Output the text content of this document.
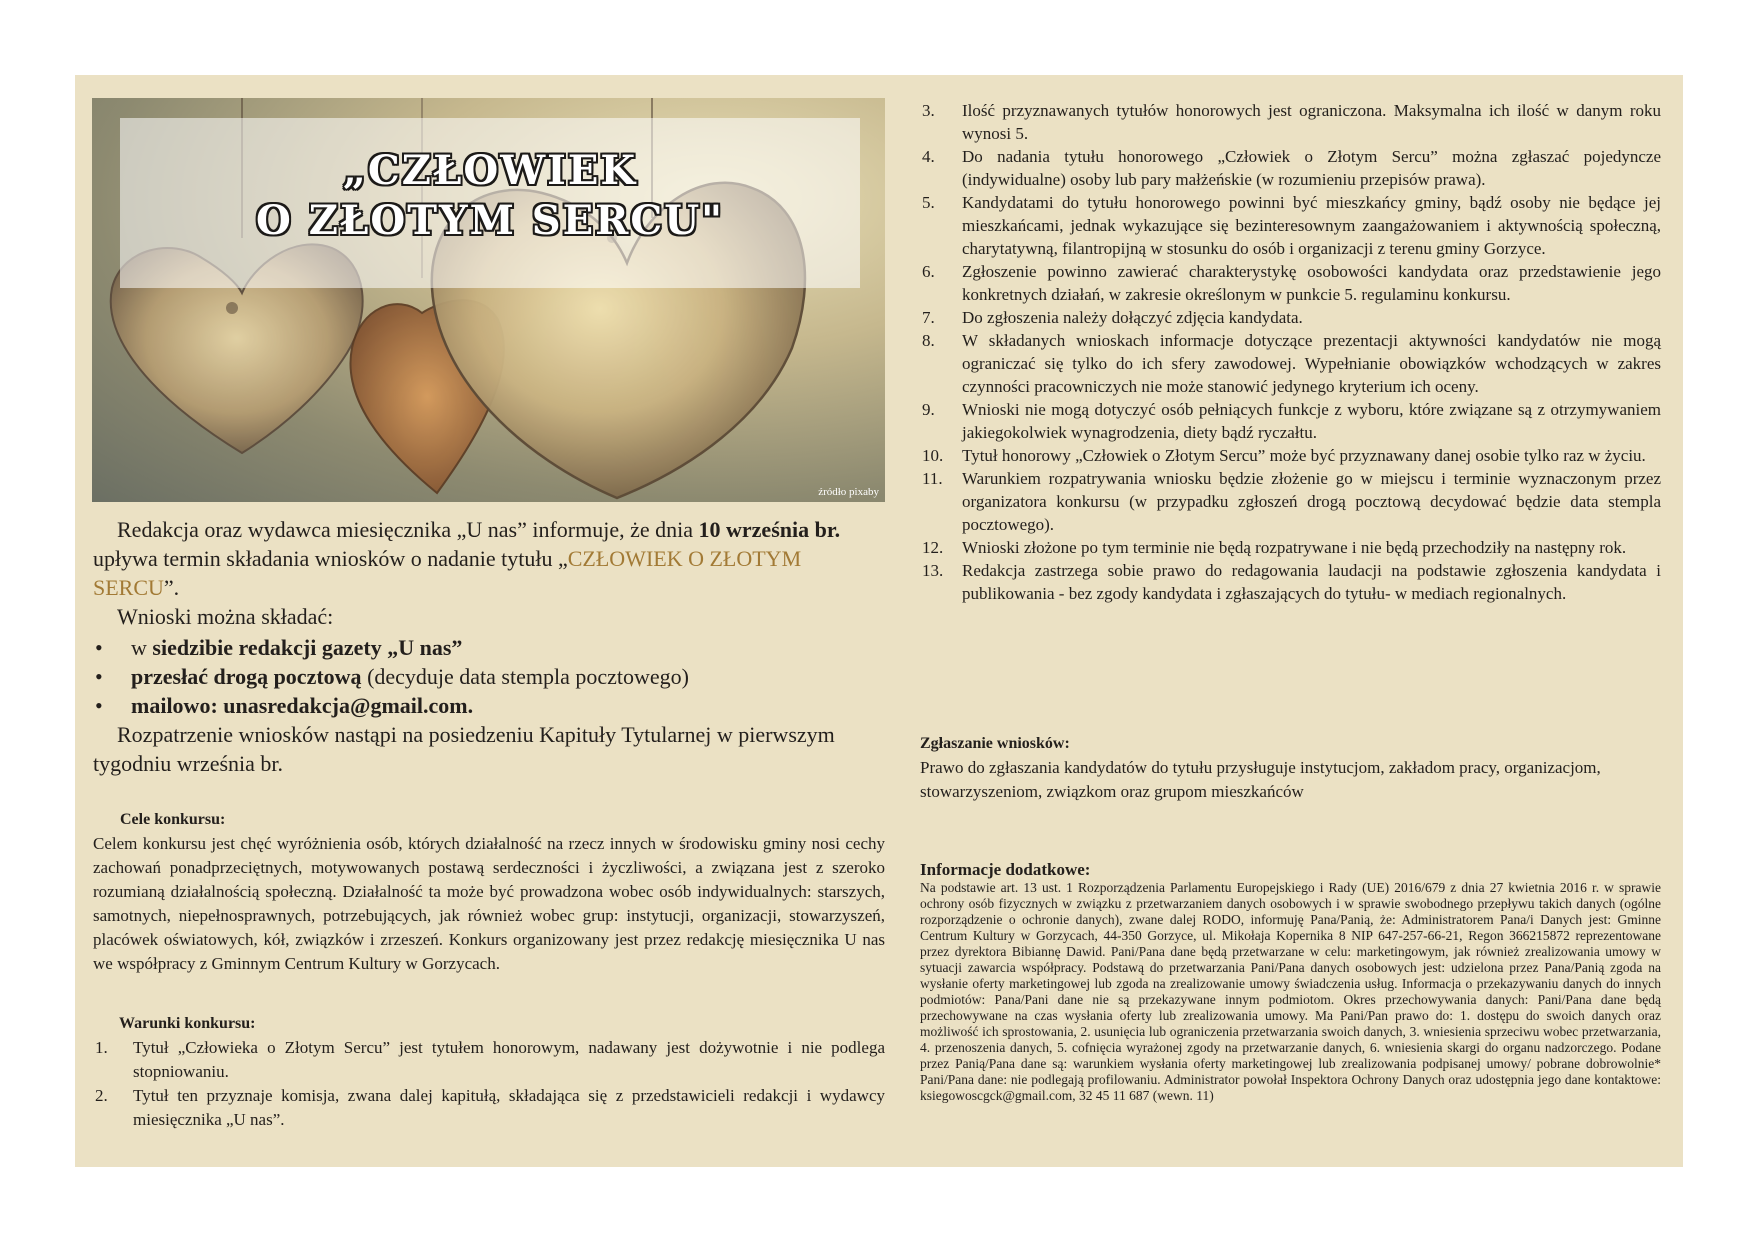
„CZŁOWIEK
O ZŁOTYM SERCU"
źródło pixaby

Redakcja oraz wydawca miesięcznika „U nas” informuje, że dnia 10 września br. upływa termin składania wniosków o nadanie tytułu „CZŁOWIEK O ZŁOTYM SERCU”.

Wnioski można składać:

• w siedzibie redakcji gazety „U nas”
• przesłać drogą pocztową (decyduje data stempla pocztowego)
• mailowo: unasredakcja@gmail.com.

Rozpatrzenie wniosków nastąpi na posiedzeniu Kapituły Tytularnej w pierwszym tygodniu września br.

Cele konkursu:

Celem konkursu jest chęć wyróżnienia osób, których działalność na rzecz innych w środowisku gminy nosi cechy zachowań ponadprzeciętnych, motywowanych postawą serdeczności i życzliwości, a związana jest z szeroko rozumianą działalnością społeczną. Działalność ta może być prowadzona wobec osób indywidualnych: starszych, samotnych, niepełnosprawnych, potrzebujących, jak również wobec grup: instytucji, organizacji, stowarzyszeń, placówek oświatowych, kół, związków i zrzeszeń. Konkurs organizowany jest przez redakcję miesięcznika U nas we współpracy z Gminnym Centrum Kultury w Gorzycach.

Warunki konkursu:

1. Tytuł „Człowieka o Złotym Sercu” jest tytułem honorowym, nadawany jest dożywotnie i nie podlega stopniowaniu.
2. Tytuł ten przyznaje komisja, zwana dalej kapitułą, składająca się z przedstawicieli redakcji i wydawcy miesięcznika „U nas”.
3. Ilość przyznawanych tytułów honorowych jest ograniczona. Maksymalna ich ilość w danym roku wynosi 5.
4. Do nadania tytułu honorowego „Człowiek o Złotym Sercu” można zgłaszać pojedyncze (indywidualne) osoby lub pary małżeńskie (w rozumieniu przepisów prawa).
5. Kandydatami do tytułu honorowego powinni być mieszkańcy gminy, bądź osoby nie będące jej mieszkańcami, jednak wykazujące się bezinteresownym zaangażowaniem i aktywnością społeczną, charytatywną, filantropijną w stosunku do osób i organizacji z terenu gminy Gorzyce.
6. Zgłoszenie powinno zawierać charakterystykę osobowości kandydata oraz przedstawienie jego konkretnych działań, w zakresie określonym w punkcie 5. regulaminu konkursu.
7. Do zgłoszenia należy dołączyć zdjęcia kandydata.
8. W składanych wnioskach informacje dotyczące prezentacji aktywności kandydatów nie mogą ograniczać się tylko do ich sfery zawodowej. Wypełnianie obowiązków wchodzących w zakres czynności pracowniczych nie może stanowić jedynego kryterium ich oceny.
9. Wnioski nie mogą dotyczyć osób pełniących funkcje z wyboru, które związane są z otrzymywaniem jakiegokolwiek wynagrodzenia, diety bądź ryczałtu.
10. Tytuł honorowy „Człowiek o Złotym Sercu” może być przyznawany danej osobie tylko raz w życiu.
11. Warunkiem rozpatrywania wniosku będzie złożenie go w miejscu i terminie wyznaczonym przez organizatora konkursu (w przypadku zgłoszeń drogą pocztową decydować będzie data stempla pocztowego).
12. Wnioski złożone po tym terminie nie będą rozpatrywane i nie będą przechodziły na następny rok.
13. Redakcja zastrzega sobie prawo do redagowania laudacji na podstawie zgłoszenia kandydata i publikowania - bez zgody kandydata i zgłaszających do tytułu- w mediach regionalnych.

Zgłaszanie wniosków:

Prawo do zgłaszania kandydatów do tytułu przysługuje instytucjom, zakładom pracy, organizacjom, stowarzyszeniom, związkom oraz grupom mieszkańców

Informacje dodatkowe:

Na podstawie art. 13 ust. 1 Rozporządzenia Parlamentu Europejskiego i Rady (UE) 2016/679 z dnia 27 kwietnia 2016 r. w sprawie ochrony osób fizycznych w związku z przetwarzaniem danych osobowych i w sprawie swobodnego przepływu takich danych (ogólne rozporządzenie o ochronie danych), zwane dalej RODO, informuję Pana/Panią, że: Administratorem Pana/i Danych jest: Gminne Centrum Kultury w Gorzycach, 44-350 Gorzyce, ul. Mikołaja Kopernika 8 NIP 647-257-66-21, Regon 366215872 reprezentowane przez dyrektora Bibiannę Dawid. Pani/Pana dane będą przetwarzane w celu: marketingowym, jak również zrealizowania umowy w sytuacji zawarcia współpracy. Podstawą do przetwarzania Pani/Pana danych osobowych jest: udzielona przez Pana/Panią zgoda na wysłanie oferty marketingowej lub zgoda na zrealizowanie umowy świadczenia usług. Informacja o przekazywaniu danych do innych podmiotów: Pana/Pani dane nie są przekazywane innym podmiotom. Okres przechowywania danych: Pani/Pana dane będą przechowywane na czas wysłania oferty lub zrealizowania umowy. Ma Pani/Pan prawo do: 1. dostępu do swoich danych oraz możliwość ich sprostowania, 2. usunięcia lub ograniczenia przetwarzania swoich danych, 3. wniesienia sprzeciwu wobec przetwarzania, 4. przenoszenia danych, 5. cofnięcia wyrażonej zgody na przetwarzanie danych, 6. wniesienia skargi do organu nadzorczego. Podane przez Panią/Pana dane są: warunkiem wysłania oferty marketingowej lub zrealizowania podpisanej umowy/ pobrane dobrowolnie* Pani/Pana dane: nie podlegają profilowaniu. Administrator powołał Inspektora Ochrony Danych oraz udostępnia jego dane kontaktowe: ksiegowoscgck@gmail.com, 32 45 11 687 (wewn. 11)
